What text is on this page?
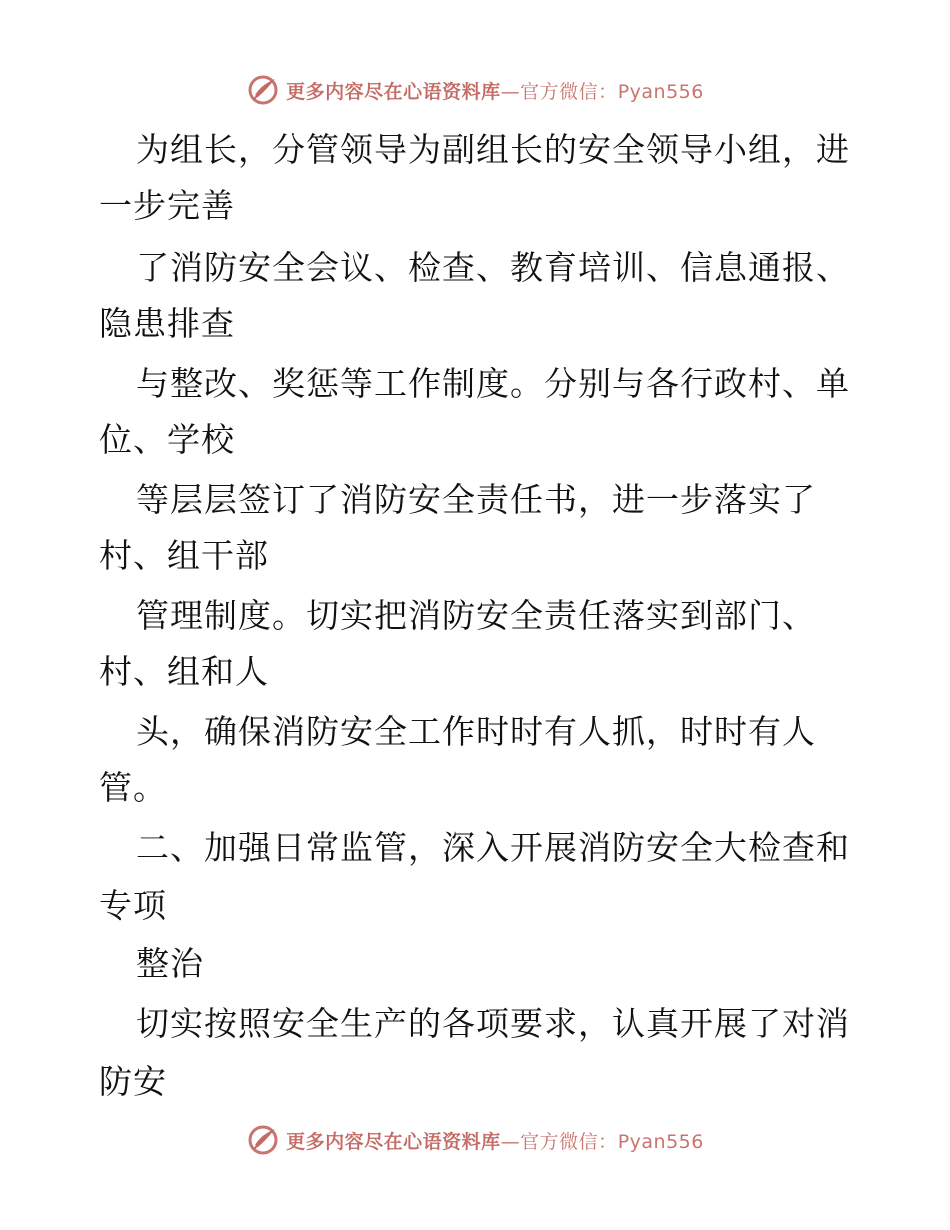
更多内容尽在心语资料库—官方微信：Pyan556
为组长，分管领导为副组长的安全领导小组，进
一步完善
了消防安全会议、检查、教育培训、信息通报、
隐患排查
与整改、奖惩等工作制度。分别与各行政村、单
位、学校
等层层签订了消防安全责任书，进一步落实了
村、组干部
管理制度。切实把消防安全责任落实到部门、
村、组和人
头，确保消防安全工作时时有人抓，时时有人
管。
二、加强日常监管，深入开展消防安全大检查和
专项
整治
切实按照安全生产的各项要求，认真开展了对消
防安
更多内容尽在心语资料库—官方微信：Pyan556
